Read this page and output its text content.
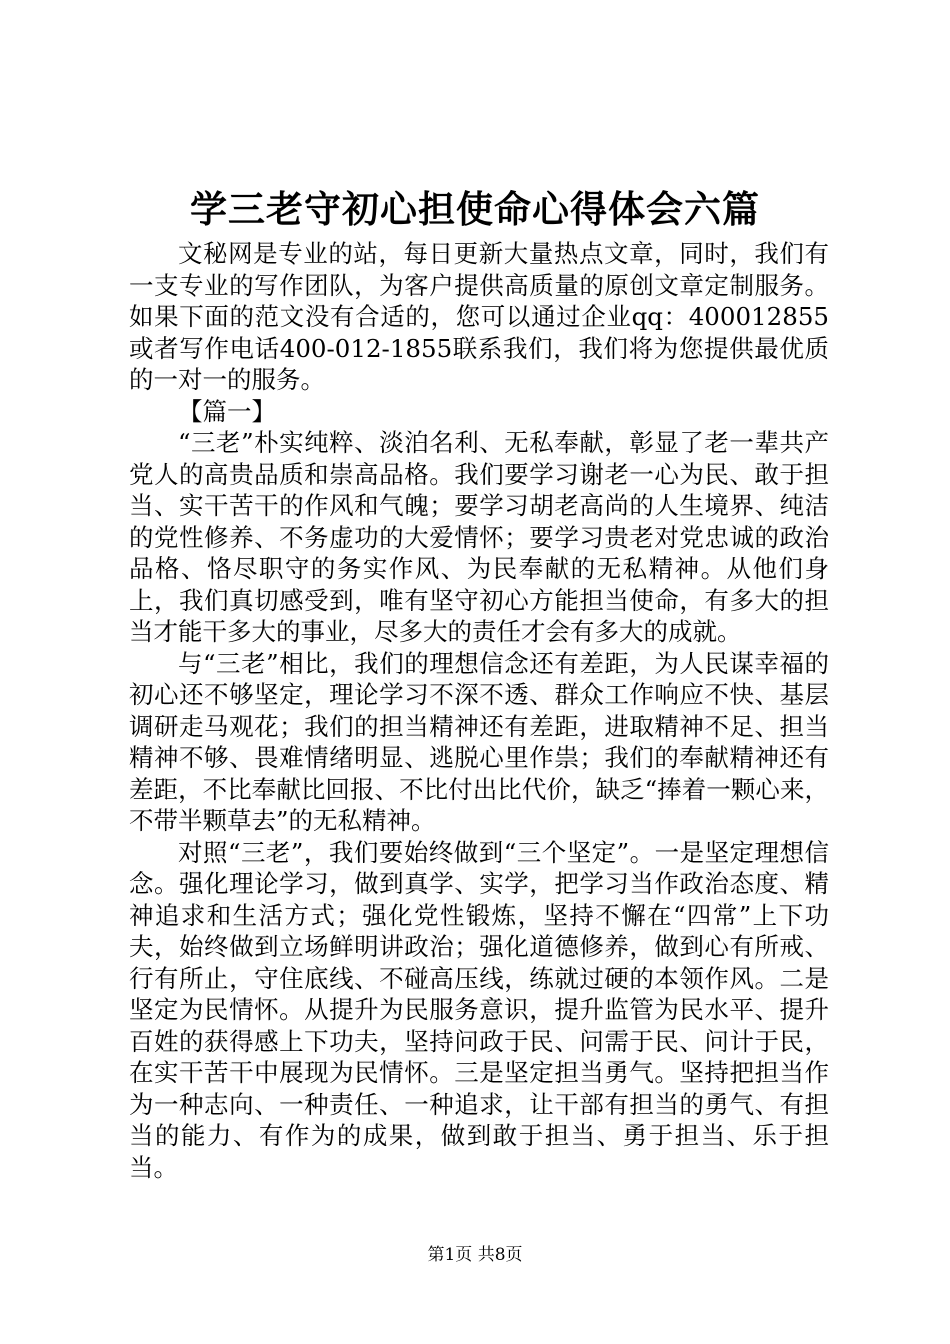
学三老守初心担使命心得体会六篇

文秘网是专业的站，每日更新大量热点文章，同时，我们有一支专业的写作团队，为客户提供高质量的原创文章定制服务。如果下面的范文没有合适的，您可以通过企业qq：400012855或者写作电话400-012-1855联系我们，我们将为您提供最优质的一对一的服务。

【篇一】

“三老”朴实纯粹、淡泊名利、无私奉献，彰显了老一辈共产党人的高贵品质和崇高品格。我们要学习谢老一心为民、敢于担当、实干苦干的作风和气魄；要学习胡老高尚的人生境界、纯洁的党性修养、不务虚功的大爱情怀；要学习贵老对党忠诚的政治品格、恪尽职守的务实作风、为民奉献的无私精神。从他们身上，我们真切感受到，唯有坚守初心方能担当使命，有多大的担当才能干多大的事业，尽多大的责任才会有多大的成就。

与“三老”相比，我们的理想信念还有差距，为人民谋幸福的初心还不够坚定，理论学习不深不透、群众工作响应不快、基层调研走马观花；我们的担当精神还有差距，进取精神不足、担当精神不够、畏难情绪明显、逃脱心里作祟；我们的奉献精神还有差距，不比奉献比回报、不比付出比代价，缺乏“捧着一颗心来，不带半颗草去”的无私精神。

对照“三老”，我们要始终做到“三个坚定”。一是坚定理想信念。强化理论学习，做到真学、实学，把学习当作政治态度、精神追求和生活方式；强化党性锻炼，坚持不懈在“四常”上下功夫，始终做到立场鲜明讲政治；强化道德修养，做到心有所戒、行有所止，守住底线、不碰高压线，练就过硬的本领作风。二是坚定为民情怀。从提升为民服务意识，提升监管为民水平、提升百姓的获得感上下功夫，坚持问政于民、问需于民、问计于民，在实干苦干中展现为民情怀。三是坚定担当勇气。坚持把担当作为一种志向、一种责任、一种追求，让干部有担当的勇气、有担当的能力、有作为的成果，做到敢于担当、勇于担当、乐于担当。

第1页 共8页
